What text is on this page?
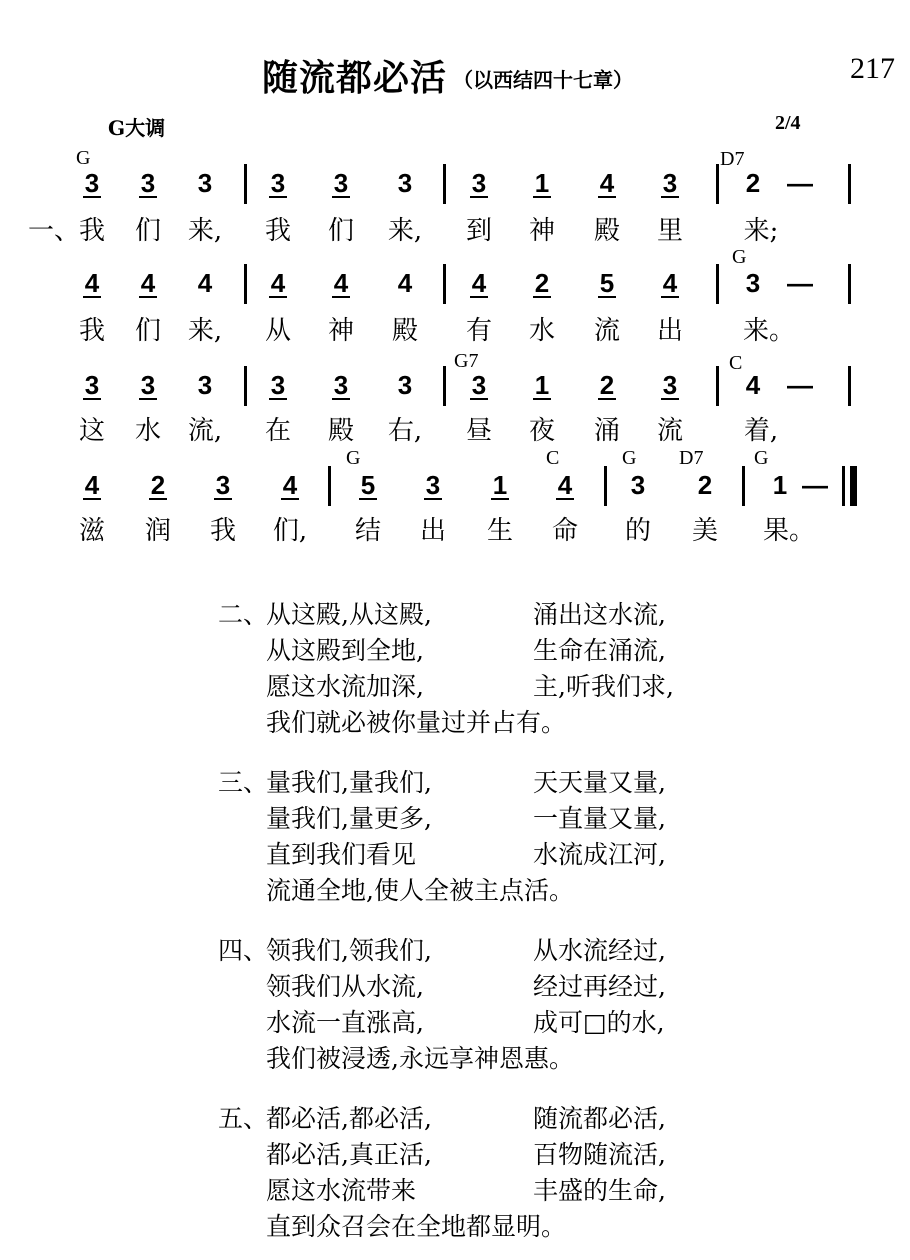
随流都必活 （以西结四十七章）	217
G大调	2/4
一、
3	3	3	3	3	3	3	1	4	3	2	—
我 们 来, 我 们 来, 到 神 殿 里 来;
G	D7
4	4	4	4	4	4	4	2	5	4	3	—
我 们 来, 从 神 殿 有 水 流 出 来。
G
3	3	3	3	3	3	3	1	2	3	4	—
这 水 流, 在 殿 右, 昼 夜 涌 流 着,
G7	C
4	2	3	4	5	3	1	4	3	2	1 —
滋 润 我 们, 结 出 生 命 的 美 果。
G	C	G D7	G
二、
从这殿,从这殿,	涌出这水流,
从这殿到全地,	生命在涌流,
愿这水流加深,	主,听我们求,
我们就必被你量过并占有。
三、
量我们,量我们,	天天量又量,
量我们,量更多,	一直量又量,
直到我们看见	水流成江河,
流通全地,使人全被主点活。
四、
领我们,领我们,	从水流经过,
领我们从水流,	经过再经过,
水流一直涨高,	成可□的水,
我们被浸透,永远享神恩惠。
五、
都必活,都必活,	随流都必活,
都必活,真正活,	百物随流活,
愿这水流带来	丰盛的生命,
直到众召会在全地都显明。
